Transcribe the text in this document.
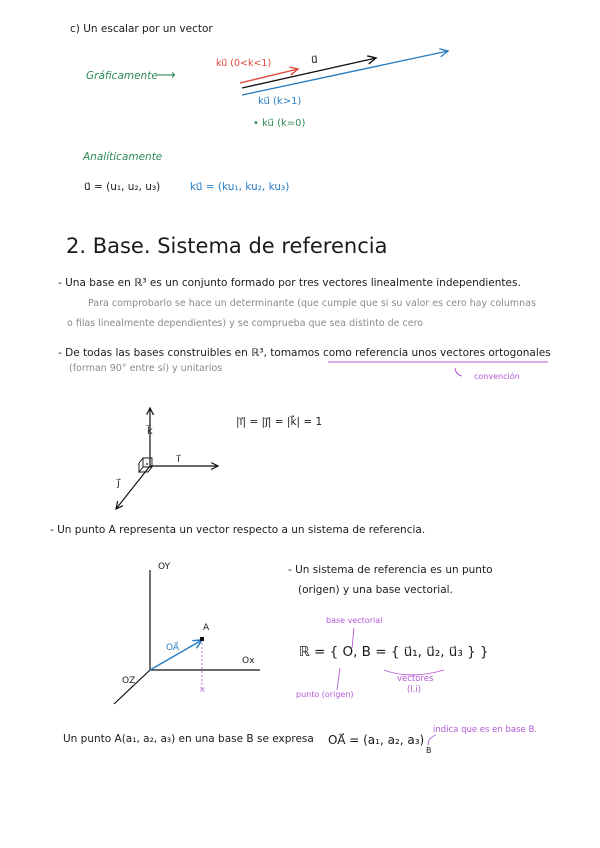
×
c) Un escalar por un vector
Gráficamente ⟶
ku⃗ (0<k<1)	u⃗
ku⃗ (k>1)
• ku⃗ (k=0)
Analíticamente
u⃗ = (u₁, u₂, u₃)	ku⃗ = (ku₁, ku₂, ku₃)
2. Base. Sistema de referencia
- Una base en ℝ³ es un conjunto formado por tres vectores linealmente independientes.
Para comprobarlo se hace un determinante (que cumple que si su valor es cero hay columnas
o filas linealmente dependientes) y se comprueba que sea distinto de cero
- De todas las bases construibles en ℝ³, tomamos como referencia unos vectores ortogonales
(forman 90° entre sí) y unitarios
convención
k⃗
i⃗
j⃗
|i⃗| = |j⃗| = |k⃗| = 1
- Un punto A representa un vector respecto a un sistema de referencia.
OY
Ox
OZ
A
OA⃗
- Un sistema de referencia es un punto
(origen) y una base vectorial.
base vectorial
ℝ = { O, B = { u⃗₁, u⃗₂, u⃗₃ } }
vectores
(l.i)
punto (origen)
Un punto A(a₁, a₂, a₃) en una base B se expresa OA⃗ = (a₁, a₂, a₃)
B
indica que es en base B.
